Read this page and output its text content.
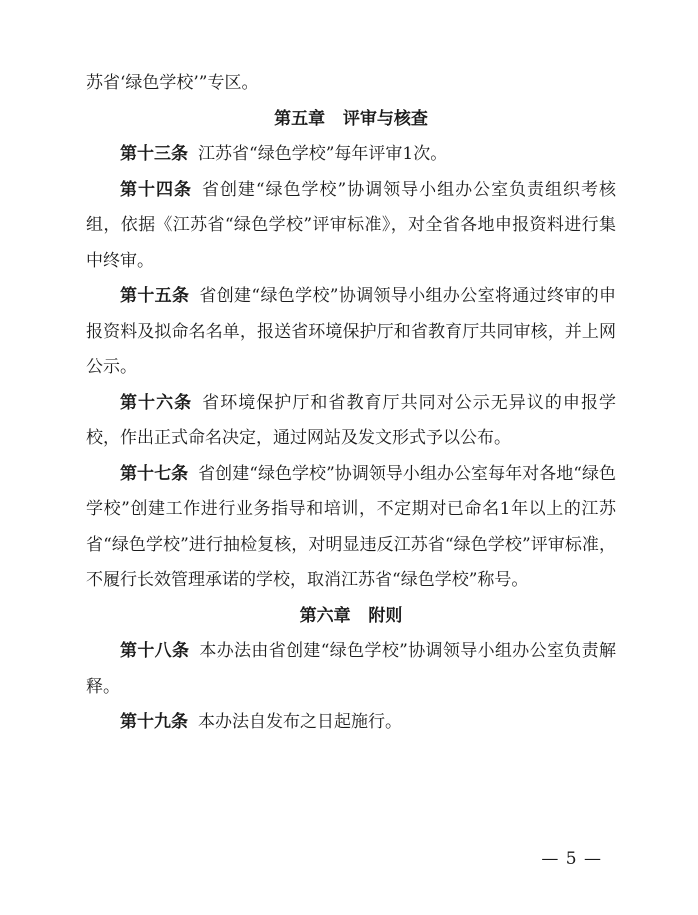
苏省‘绿色学校’”专区。

第五章   评审与核查

第十三条 江苏省“绿色学校”每年评审1次。

第十四条 省创建“绿色学校”协调领导小组办公室负责组织考核组，依据《江苏省“绿色学校”评审标准》，对全省各地申报资料进行集中终审。

第十五条 省创建“绿色学校”协调领导小组办公室将通过终审的申报资料及拟命名名单，报送省环境保护厅和省教育厅共同审核，并上网公示。

第十六条 省环境保护厅和省教育厅共同对公示无异议的申报学校，作出正式命名决定，通过网站及发文形式予以公布。

第十七条 省创建“绿色学校”协调领导小组办公室每年对各地“绿色学校”创建工作进行业务指导和培训，不定期对已命名1年以上的江苏省“绿色学校”进行抽检复核，对明显违反江苏省“绿色学校”评审标准，不履行长效管理承诺的学校，取消江苏省“绿色学校”称号。

第六章   附则

第十八条 本办法由省创建“绿色学校”协调领导小组办公室负责解释。

第十九条 本办法自发布之日起施行。

— 5 —
